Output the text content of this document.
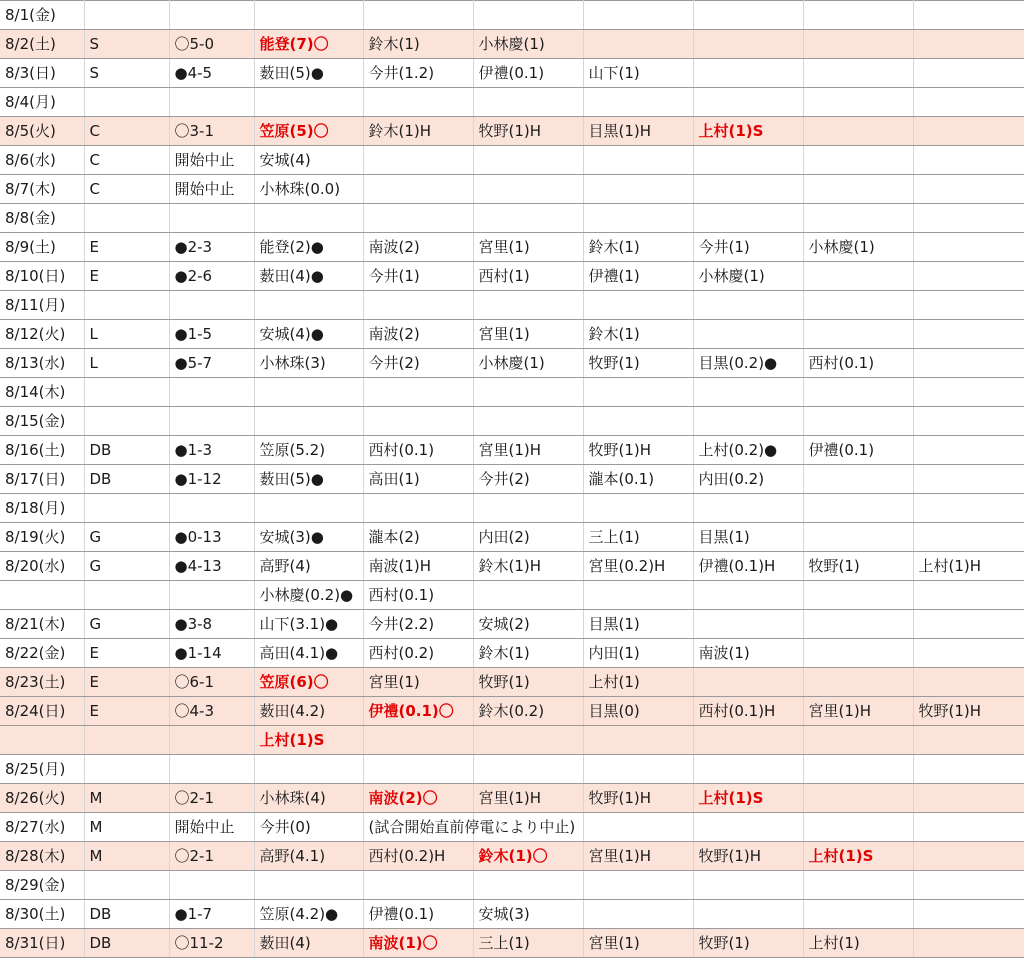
8/1(金)									
8/2(土)	S	〇5-0	能登(7)〇	鈴木(1)	小林慶(1)				
8/3(日)	S	●4-5	薮田(5)●	今井(1.2)	伊禮(0.1)	山下(1)			
8/4(月)									
8/5(火)	C	〇3-1	笠原(5)〇	鈴木(1)H	牧野(1)H	目黒(1)H	上村(1)S		
8/6(水)	C	開始中止	安城(4)						
8/7(木)	C	開始中止	小林珠(0.0)						
8/8(金)									
8/9(土)	E	●2-3	能登(2)●	南波(2)	宮里(1)	鈴木(1)	今井(1)	小林慶(1)	
8/10(日)	E	●2-6	薮田(4)●	今井(1)	西村(1)	伊禮(1)	小林慶(1)		
8/11(月)									
8/12(火)	L	●1-5	安城(4)●	南波(2)	宮里(1)	鈴木(1)			
8/13(水)	L	●5-7	小林珠(3)	今井(2)	小林慶(1)	牧野(1)	目黒(0.2)●	西村(0.1)	
8/14(木)									
8/15(金)									
8/16(土)	DB	●1-3	笠原(5.2)	西村(0.1)	宮里(1)H	牧野(1)H	上村(0.2)●	伊禮(0.1)	
8/17(日)	DB	●1-12	薮田(5)●	高田(1)	今井(2)	瀧本(0.1)	内田(0.2)		
8/18(月)									
8/19(火)	G	●0-13	安城(3)●	瀧本(2)	内田(2)	三上(1)	目黒(1)		
8/20(水)	G	●4-13	高野(4)	南波(1)H	鈴木(1)H	宮里(0.2)H	伊禮(0.1)H	牧野(1)	上村(1)H
			小林慶(0.2)●	西村(0.1)					
8/21(木)	G	●3-8	山下(3.1)●	今井(2.2)	安城(2)	目黒(1)			
8/22(金)	E	●1-14	高田(4.1)●	西村(0.2)	鈴木(1)	内田(1)	南波(1)		
8/23(土)	E	〇6-1	笠原(6)〇	宮里(1)	牧野(1)	上村(1)			
8/24(日)	E	〇4-3	薮田(4.2)	伊禮(0.1)〇	鈴木(0.2)	目黒(0)	西村(0.1)H	宮里(1)H	牧野(1)H
			上村(1)S						
8/25(月)									
8/26(火)	M	〇2-1	小林珠(4)	南波(2)〇	宮里(1)H	牧野(1)H	上村(1)S		
8/27(水)	M	開始中止	今井(0)	(試合開始直前停電により中止)					
8/28(木)	M	〇2-1	高野(4.1)	西村(0.2)H	鈴木(1)〇	宮里(1)H	牧野(1)H	上村(1)S	
8/29(金)									
8/30(土)	DB	●1-7	笠原(4.2)●	伊禮(0.1)	安城(3)				
8/31(日)	DB	〇11-2	薮田(4)	南波(1)〇	三上(1)	宮里(1)	牧野(1)	上村(1)	
